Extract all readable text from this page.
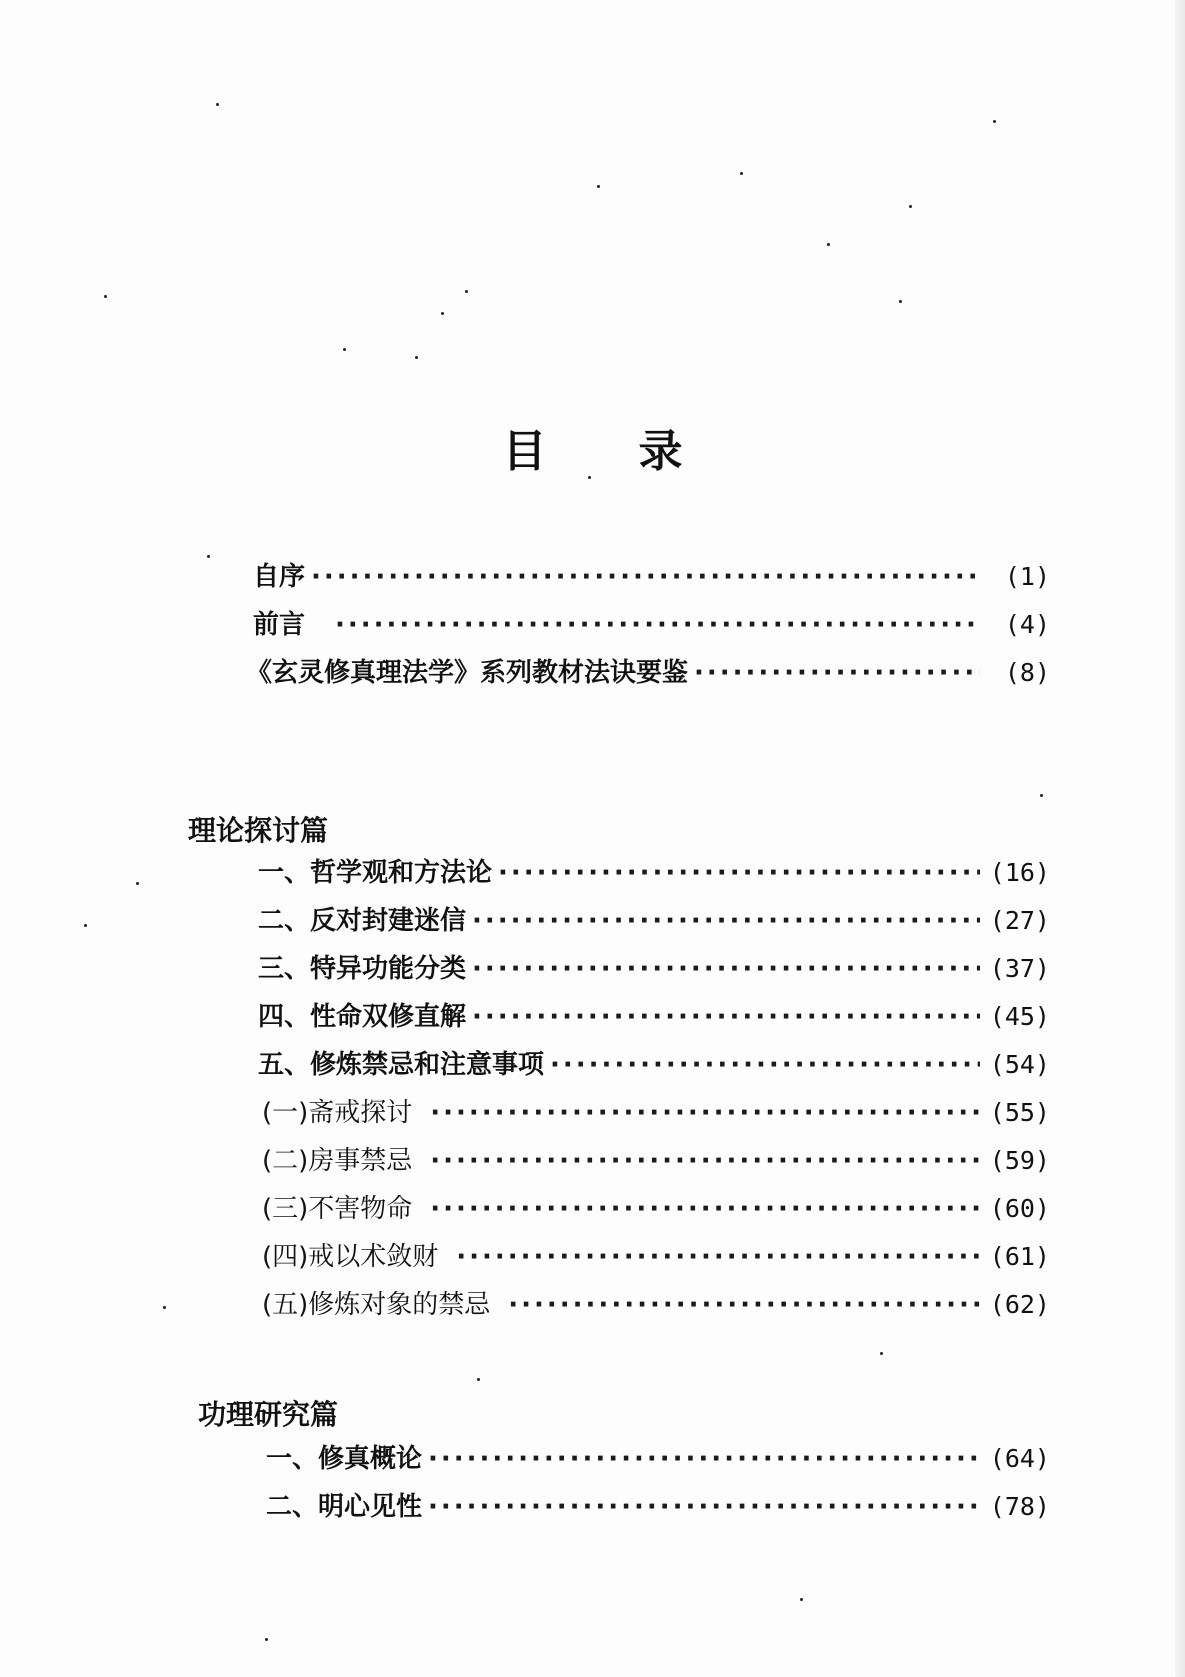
目 录
自序 ·····	(1)
前言 ·····	(4)
《玄灵修真理法学》系列教材法诀要鉴 ·····	(8)
理论探讨篇
一、哲学观和方法论 ·····	(16)
二、反对封建迷信 ·····	(27)
三、特异功能分类 ·····	(37)
四、性命双修直解 ·····	(45)
五、修炼禁忌和注意事项 ·····	(54)
(一)斋戒探讨 ·····	(55)
(二)房事禁忌 ·····	(59)
(三)不害物命 ·····	(60)
(四)戒以术敛财 ·····	(61)
(五)修炼对象的禁忌 ·····	(62)
功理研究篇
一、修真概论 ·····	(64)
二、明心见性 ·····	(78)
